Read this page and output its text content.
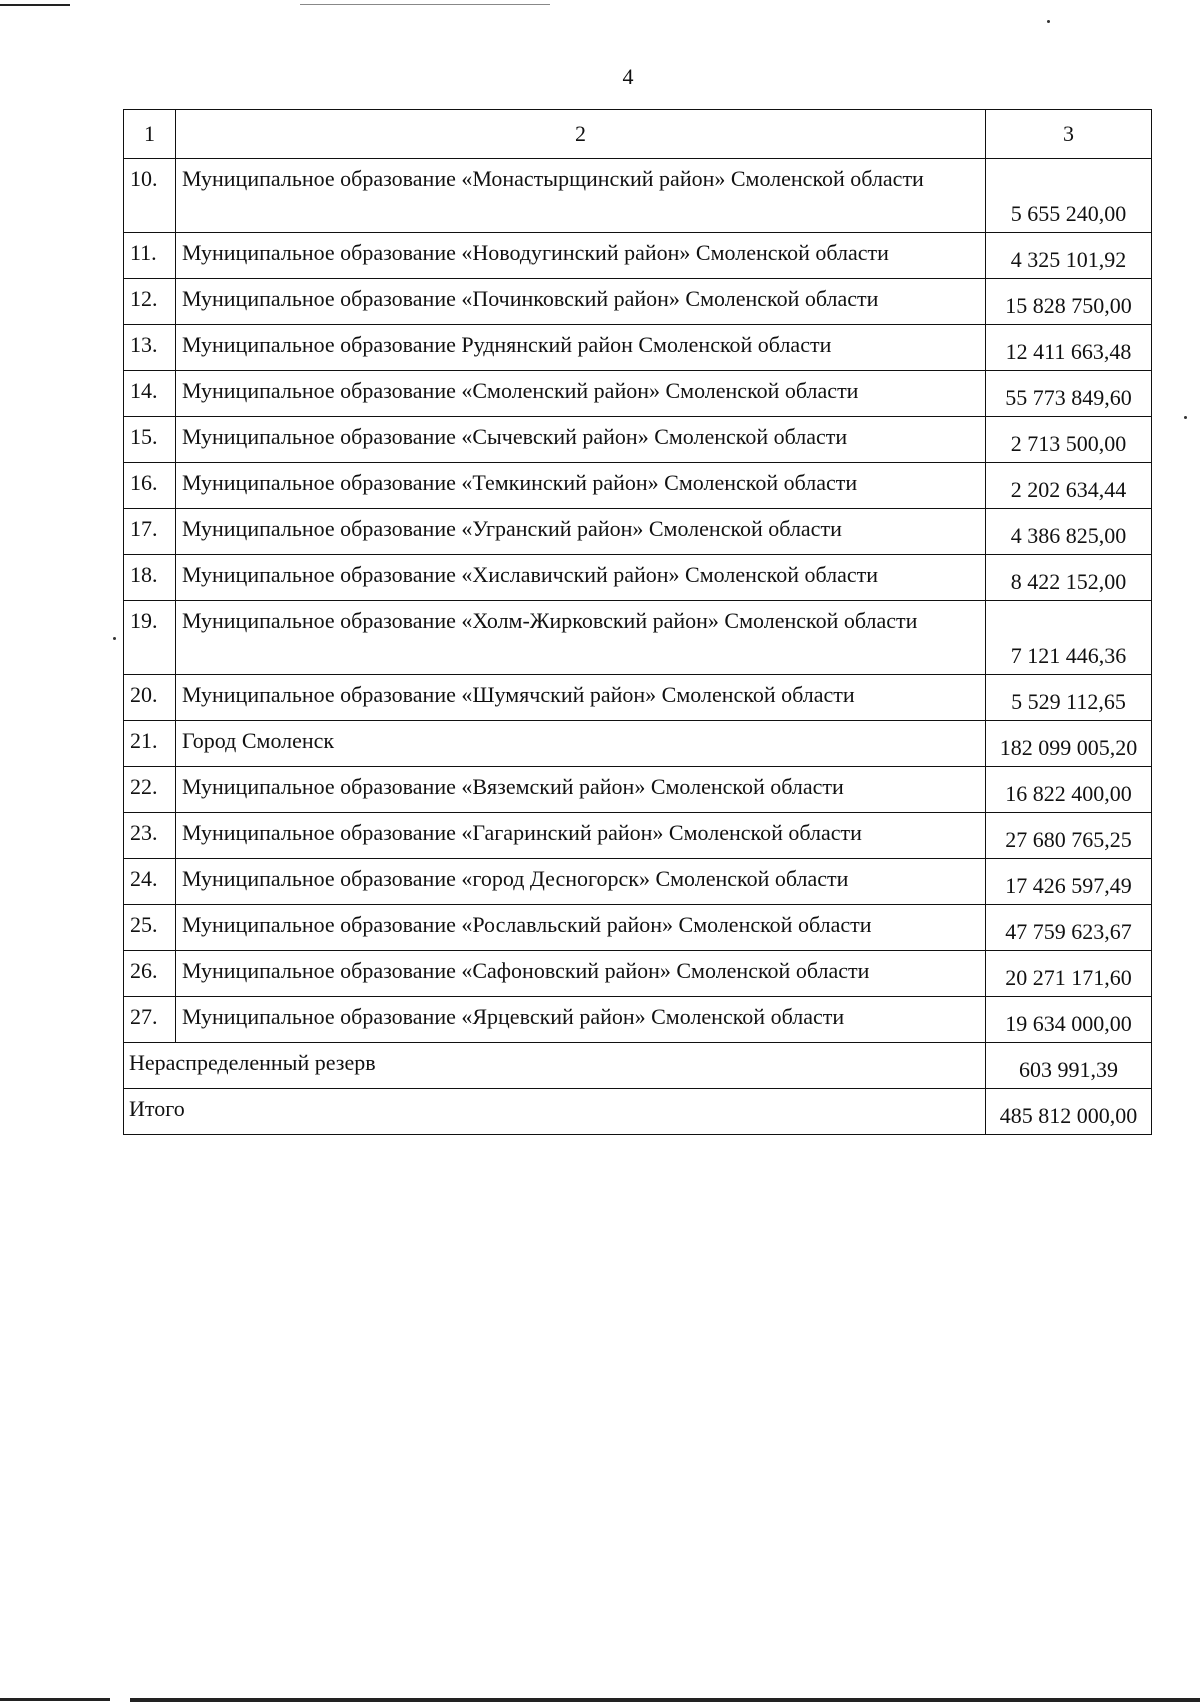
4
1	2	3
10.	Муниципальное образование «Монастырщинский район» Смоленской области	5 655 240,00
11.	Муниципальное образование «Новодугинский район» Смоленской области	4 325 101,92
12.	Муниципальное образование «Починковский район» Смоленской области	15 828 750,00
13.	Муниципальное образование Руднянский район Смоленской области	12 411 663,48
14.	Муниципальное образование «Смоленский район» Смоленской области	55 773 849,60
15.	Муниципальное образование «Сычевский район» Смоленской области	2 713 500,00
16.	Муниципальное образование «Темкинский район» Смоленской области	2 202 634,44
17.	Муниципальное образование «Угранский район» Смоленской области	4 386 825,00
18.	Муниципальное образование «Хиславичский район» Смоленской области	8 422 152,00
19.	Муниципальное образование «Холм-Жирковский район» Смоленской области	7 121 446,36
20.	Муниципальное образование «Шумячский район» Смоленской области	5 529 112,65
21.	Город Смоленск	182 099 005,20
22.	Муниципальное образование «Вяземский район» Смоленской области	16 822 400,00
23.	Муниципальное образование «Гагаринский район» Смоленской области	27 680 765,25
24.	Муниципальное образование «город Десногорск» Смоленской области	17 426 597,49
25.	Муниципальное образование «Рославльский район» Смоленской области	47 759 623,67
26.	Муниципальное образование «Сафоновский район» Смоленской области	20 271 171,60
27.	Муниципальное образование «Ярцевский район» Смоленской области	19 634 000,00
Нераспределенный резерв		603 991,39
Итого		485 812 000,00
